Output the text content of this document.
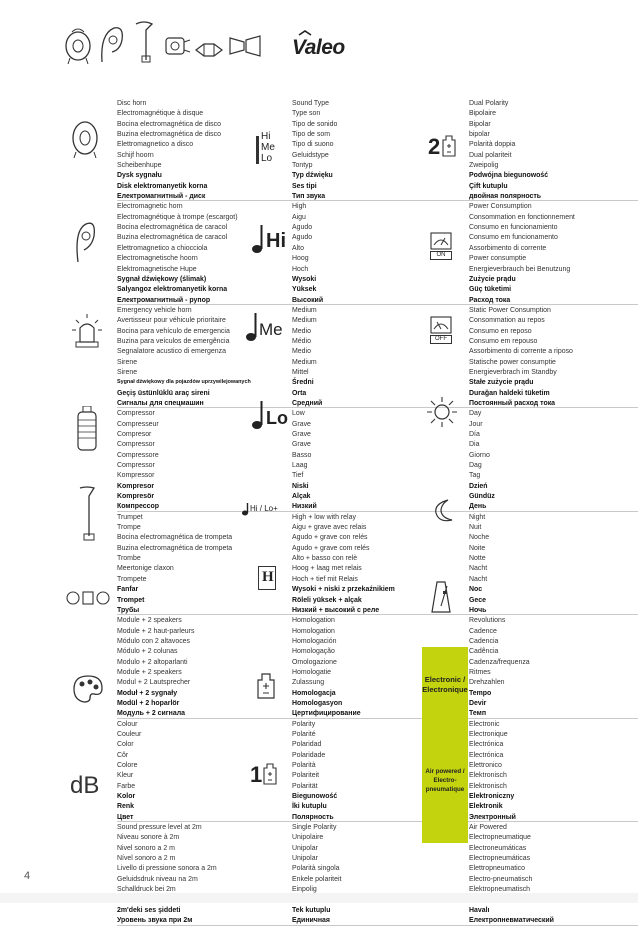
Valeo
Disc horn
Electromagnétique à disque
Bocina electromagnética de disco
Buzina electromagnética de disco
Elettromagnetico a disco
Schijf hoorn
Scheibenhupe
Dysk sygnału
Disk elektromanyetik korna
Електромагнитный - диск
Electromagnetic horn
Electromagnétique à trompe (escargot)
Bocina electromagnética de caracol
Buzina electromagnética de caracol
Elettromagnetico a chiocciola
Electromagnetische hoorn
Elektromagnetische Hupe
Sygnał dźwiękowy (ślimak)
Salyangoz elektromanyetik korna
Електромагнитный - рупор
Emergency vehicle horn
Avertisseur pour véhicule prioritaire
Bocina para vehículo de emergencia
Buzina para veículos de emergência
Segnalatore acustico di emergenza
Sirene
Sirene
Sygnał dźwiękowy dla pojazdów uprzywilejowanych
Geçiş üstünlüklü araç sireni
Сигналы для спецмашин
Compressor
Compresseur
Compresor
Compressor
Compressore
Compressor
Kompressor
Kompresor
Kompresör
Компрессор
Trumpet
Trompe
Bocina electromagnética de trompeta
Buzina electromagnética de trompeta
Trombe
Meertonige claxon
Trompete
Fanfar
Trompet
Трубы
Module + 2 speakers
Module + 2 haut-parleurs
Módulo con 2 altavoces
Módulo + 2 colunas
Modulo + 2 altoparlanti
Module + 2 speakers
Modul + 2 Lautsprecher
Moduł + 2 sygnały
Modül + 2 hoparlör
Модуль + 2 сигнала
Colour
Couleur
Color
Côr
Colore
Kleur
Farbe
Kolor
Renk
Цвет
Sound pressure level at 2m
Niveau sonore à 2m
Nivel sonoro a 2 m
Nível sonoro a 2 m
Livello di pressione sonora a 2m
Geluidsdruk niveau na 2m
Schalldruck bei 2m
2m'deki ses şiddeti
Уровень звука при 2м
Sound Type
Type son
Tipo de sonido
Tipo de som
Tipo di suono
Geluidstype
Tontyp
Typ dźwięku
Ses tipi
Тип звука
High
Aigu
Agudo
Agudo
Alto
Hoog
Hoch
Wysoki
Yüksek
Высокий
Medium
Medium
Medio
Médio
Medio
Medium
Mittel
Średni
Orta
Средний
Low
Grave
Grave
Grave
Basso
Laag
Tief
Niski
Alçak
Низкий
High + low with relay
Aigu + grave avec relais
Agudo + grave con relés
Agudo + grave com relés
Alto + basso con relè
Hoog + laag met relais
Hoch + tief mit Relais
Wysoki + niski z przekaźnikiem
Röleli yüksek + alçak
Низкий + высокий с реле
Homologation
Homologation
Homologación
Homologação
Omologazione
Homologatie
Zulassung
Homologacja
Homologasyon
Цертифицирование
Polarity
Polarité
Polaridad
Polaridade
Polarità
Polariteit
Polarität
Biegunowość
İki kutuplu
Полярность
Single Polarity
Unipolaire
Unipolar
Unipolar
Polarità singola
Enkele polariteit
Einpolig
Tek kutuplu
Единичная
Dual Polarity
Bipolaire
Bipolar
bipolar
Polarità doppia
Dual polariteit
Zweipolig
Podwójna biegunowość
Çift kutuplu
двойная полярность
Power Consumption
Consommation en fonctionnement
Consumo en funcionamiento
Consumo em funcionamento
Assorbimento di corrente
Power consumptie
Energieverbrauch bei Benutzung
Zużycie prądu
Güç tüketimi
Расход тока
Static Power Consumption
Consommation au repos
Consumo en reposo
Consumo em repouso
Assorbimento di corrente a riposo
Statische power consumptie
Energieverbrach im Standby
Stałe zużycie prądu
Durağan haldeki tüketim
Постоянный расход тока
Day
Jour
Día
Dia
Giorno
Dag
Tag
Dzień
Gündüz
День
Night
Nuit
Noche
Noite
Notte
Nacht
Nacht
Noc
Gece
Ночь
Revolutions
Cadence
Cadencia
Cadência
Cadenza/frequenza
Ritmes
Drehzahlen
Tempo
Devir
Темп
Electronic
Electronique
Electrónica
Electrónica
Elettronico
Elektronisch
Elektronisch
Elektroniczny
Elektronik
Электронный
Air Powered
Electropneumatique
Electroneumáticas
Electropneumáticas
Elettropneumatico
Electro-pneumatisch
Elektropneumatisch
Havalı
Електропневматический
dB
Hi
Me
Lo
Hi
Me
Lo
Hi / Lo+
H
1
2
ON
OFF
Electronic / Electronique
Air powered / Electro-pneumatique
4
